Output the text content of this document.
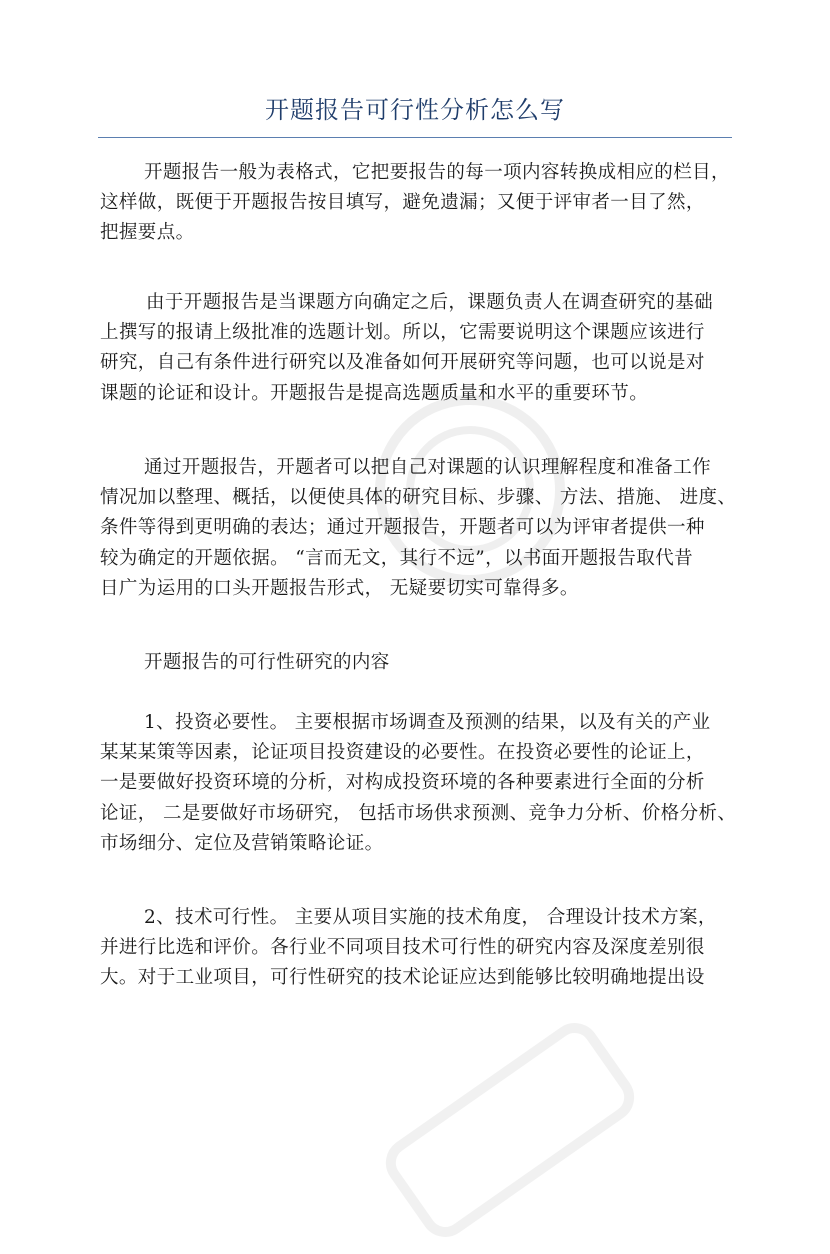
开题报告可行性分析怎么写

开题报告一般为表格式，它把要报告的每一项内容转换成相应的栏目，
这样做，既便于开题报告按目填写，避免遗漏；又便于评审者一目了然，
把握要点。

由于开题报告是当课题方向确定之后，课题负责人在调查研究的基础
上撰写的报请上级批准的选题计划。所以，它需要说明这个课题应该进行
研究，自己有条件进行研究以及准备如何开展研究等问题，也可以说是对
课题的论证和设计。开题报告是提高选题质量和水平的重要环节。

通过开题报告，开题者可以把自己对课题的认识理解程度和准备工作
情况加以整理、概括，以便使具体的研究目标、步骤、 方法、措施、 进度、
条件等得到更明确的表达；通过开题报告，开题者可以为评审者提供一种
较为确定的开题依据。 “言而无文，其行不远”，以书面开题报告取代昔
日广为运用的口头开题报告形式， 无疑要切实可靠得多。

开题报告的可行性研究的内容

1、投资必要性。 主要根据市场调查及预测的结果，以及有关的产业
某某某策等因素，论证项目投资建设的必要性。在投资必要性的论证上，
一是要做好投资环境的分析，对构成投资环境的各种要素进行全面的分析
论证， 二是要做好市场研究， 包括市场供求预测、竞争力分析、价格分析、
市场细分、定位及营销策略论证。

2、技术可行性。 主要从项目实施的技术角度， 合理设计技术方案，
并进行比选和评价。各行业不同项目技术可行性的研究内容及深度差别很
大。对于工业项目，可行性研究的技术论证应达到能够比较明确地提出设
